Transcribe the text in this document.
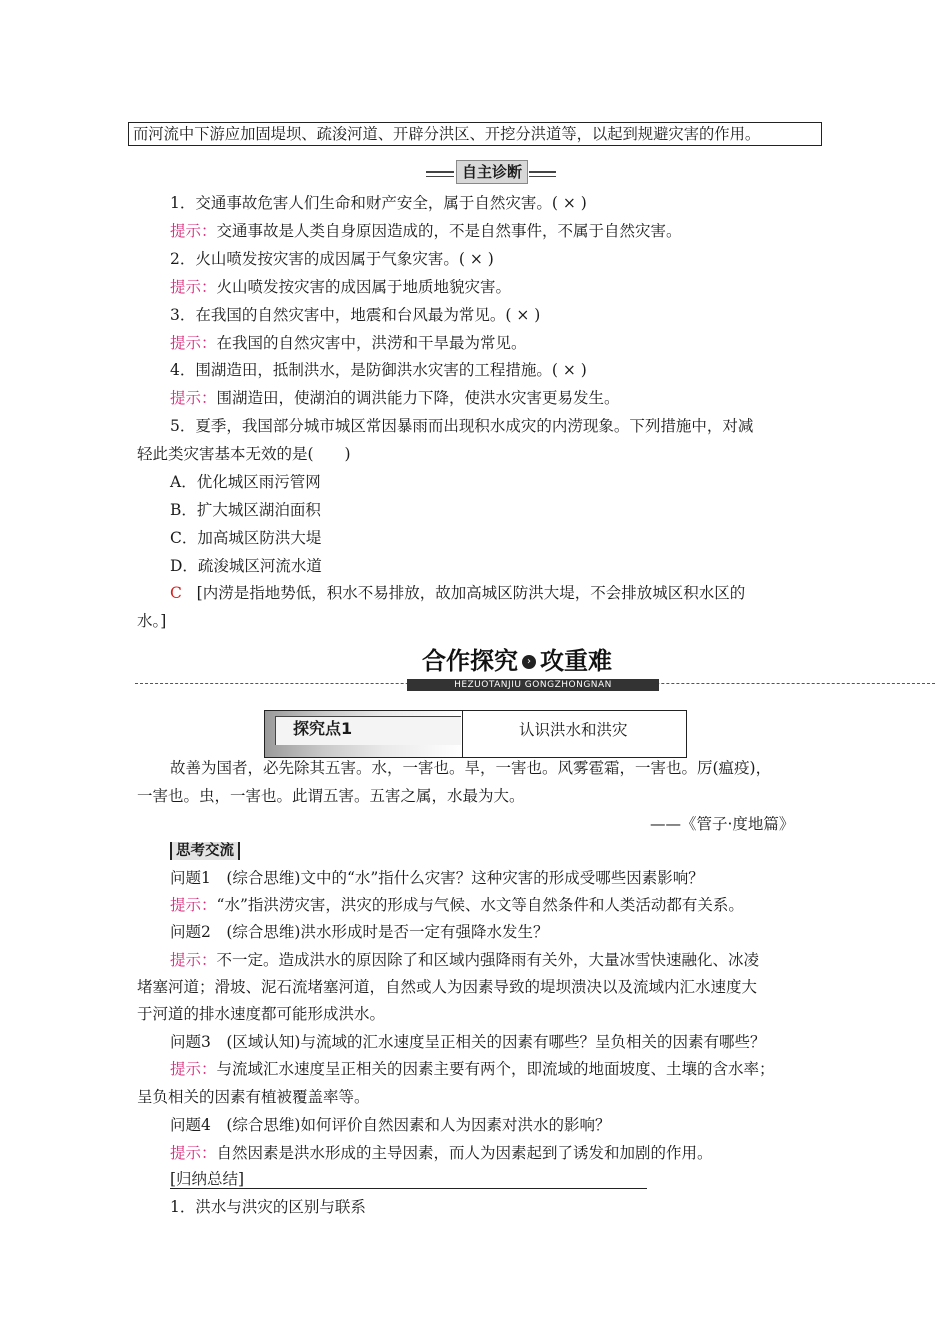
而河流中下游应加固堤坝、疏浚河道、开辟分洪区、开挖分洪道等，以起到规避灾害的作用。
自主诊断
1．交通事故危害人们生命和财产安全，属于自然灾害。( × )
提示：交通事故是人类自身原因造成的，不是自然事件，不属于自然灾害。
2．火山喷发按灾害的成因属于气象灾害。( × )
提示：火山喷发按灾害的成因属于地质地貌灾害。
3．在我国的自然灾害中，地震和台风最为常见。( × )
提示：在我国的自然灾害中，洪涝和干旱最为常见。
4．围湖造田，抵制洪水，是防御洪水灾害的工程措施。( × )
提示：围湖造田，使湖泊的调洪能力下降，使洪水灾害更易发生。
5．夏季，我国部分城市城区常因暴雨而出现积水成灾的内涝现象。下列措施中，对减
轻此类灾害基本无效的是(　　)
A．优化城区雨污管网
B．扩大城区湖泊面积
C．加高城区防洪大堤
D．疏浚城区河流水道
C [内涝是指地势低，积水不易排放，故加高城区防洪大堤，不会排放城区积水区的
水。]
合作探究 › 攻重难
HEZUOTANJIU GONGZHONGNAN
探究点1	认识洪水和洪灾
故善为国者，必先除其五害。水，一害也。旱，一害也。风雾雹霜，一害也。厉(瘟疫)，
一害也。虫，一害也。此谓五害。五害之属，水最为大。
——《管子·度地篇》
思考交流
问题1　(综合思维)文中的“水”指什么灾害？这种灾害的形成受哪些因素影响？
提示：“水”指洪涝灾害，洪灾的形成与气候、水文等自然条件和人类活动都有关系。
问题2　(综合思维)洪水形成时是否一定有强降水发生？
提示：不一定。造成洪水的原因除了和区域内强降雨有关外，大量冰雪快速融化、冰凌
堵塞河道；滑坡、泥石流堵塞河道，自然或人为因素导致的堤坝溃决以及流域内汇水速度大
于河道的排水速度都可能形成洪水。
问题3　(区域认知)与流域的汇水速度呈正相关的因素有哪些？呈负相关的因素有哪些？
提示：与流域汇水速度呈正相关的因素主要有两个，即流域的地面坡度、土壤的含水率；
呈负相关的因素有植被覆盖率等。
问题4　(综合思维)如何评价自然因素和人为因素对洪水的影响？
提示：自然因素是洪水形成的主导因素，而人为因素起到了诱发和加剧的作用。
[归纳总结]
1．洪水与洪灾的区别与联系
